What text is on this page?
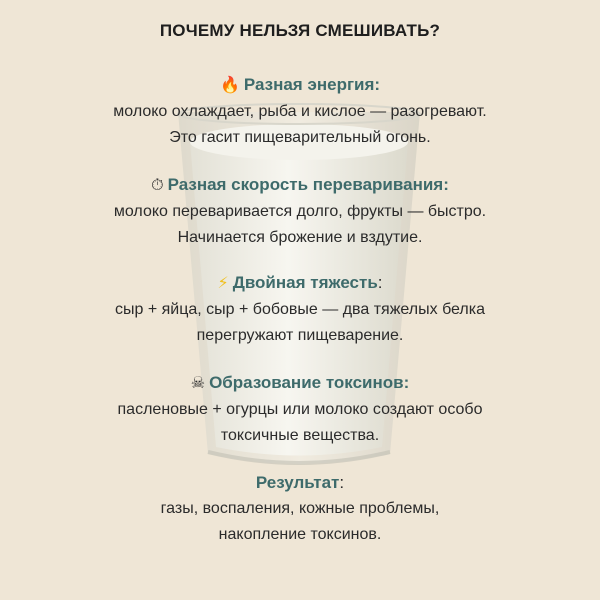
ПОЧЕМУ НЕЛЬЗЯ СМЕШИВАТЬ?
🔥 Разная энергия:
молоко охлаждает, рыба и кислое — разогревают.
Это гасит пищеварительный огонь.
⏱ Разная скорость переваривания:
молоко переваривается долго, фрукты — быстро.
Начинается брожение и вздутие.
⚡ Двойная тяжесть:
сыр + яйца, сыр + бобовые — два тяжелых белка
перегружают пищеварение.
☠ Образование токсинов:
пасленовые + огурцы или молоко создают особо
токсичные вещества.
Результат:
газы, воспаления, кожные проблемы,
накопление токсинов.
